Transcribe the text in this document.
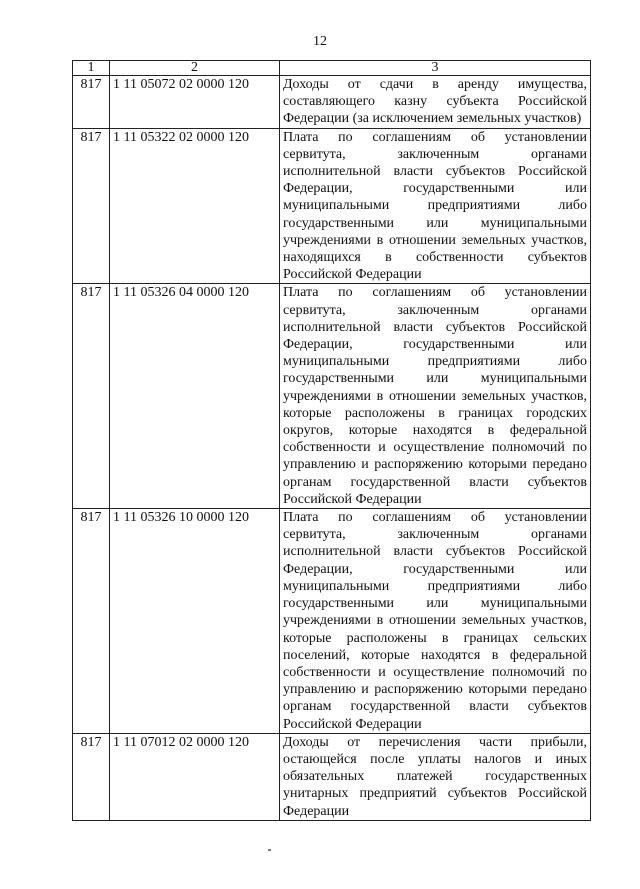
12
1	2	3
817	1 11 05072 02 0000 120	Доходы от сдачи в аренду имущества, составляющего казну субъекта Российской Федерации (за исключением земельных участков)
817	1 11 05322 02 0000 120	Плата по соглашениям об установлении сервитута, заключенным органами исполнительной власти субъектов Российской Федерации, государственными или муниципальными предприятиями либо государственными или муниципальными учреждениями в отношении земельных участков, находящихся в собственности субъектов Российской Федерации
817	1 11 05326 04 0000 120	Плата по соглашениям об установлении сервитута, заключенным органами исполнительной власти субъектов Российской Федерации, государственными или муниципальными предприятиями либо государственными или муниципальными учреждениями в отношении земельных участков, которые расположены в границах городских округов, которые находятся в федеральной собственности и осуществление полномочий по управлению и распоряжению которыми передано органам государственной власти субъектов Российской Федерации
817	1 11 05326 10 0000 120	Плата по соглашениям об установлении сервитута, заключенным органами исполнительной власти субъектов Российской Федерации, государственными или муниципальными предприятиями либо государственными или муниципальными учреждениями в отношении земельных участков, которые расположены в границах сельских поселений, которые находятся в федеральной собственности и осуществление полномочий по управлению и распоряжению которыми передано органам государственной власти субъектов Российской Федерации
817	1 11 07012 02 0000 120	Доходы от перечисления части прибыли, остающейся после уплаты налогов и иных обязательных платежей государственных унитарных предприятий субъектов Российской Федерации
